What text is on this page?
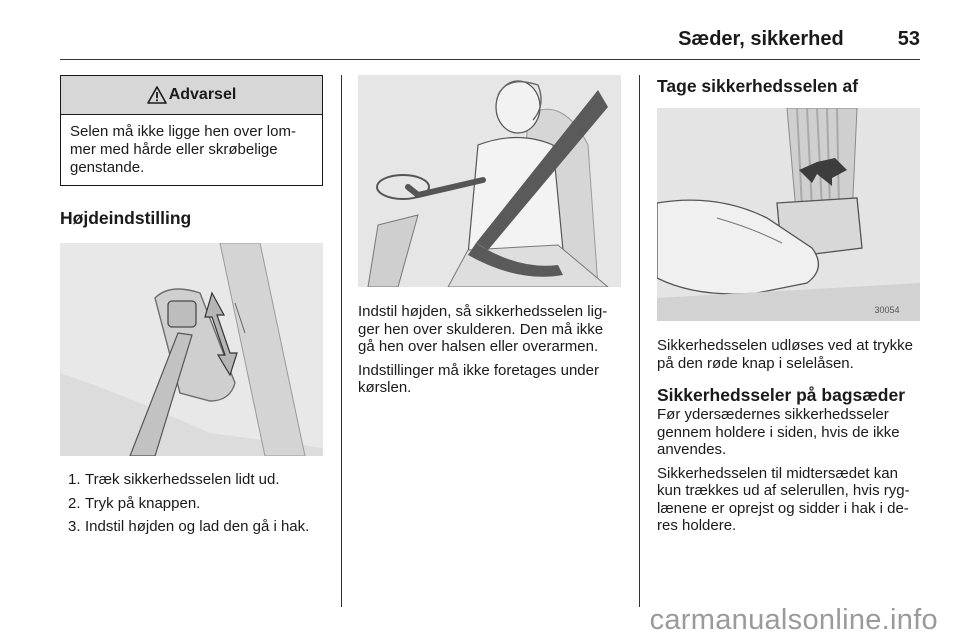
Sæder, sikkerhed	53
Advarsel
Selen må ikke ligge hen over lom-mer med hårde eller skrøbelige genstande.
Højdeindstilling
1. Træk sikkerhedsselen lidt ud.
2. Tryk på knappen.
3. Indstil højden og lad den gå i hak.

Indstil højden, så sikkerhedsselen lig-ger hen over skulderen. Den må ikke gå hen over halsen eller overarmen.

Indstillinger må ikke foretages under kørslen.

Tage sikkerhedsselen af
30054

Sikkerhedsselen udløses ved at trykke på den røde knap i selelåsen.

Sikkerhedsseler på bagsæder

Før ydersædernes sikkerhedsseler gennem holdere i siden, hvis de ikke anvendes.

Sikkerhedsselen til midtersædet kan kun trækkes ud af selerullen, hvis ryg-lænene er oprejst og sidder i hak i de-res holdere.

carmanualsonline.info
